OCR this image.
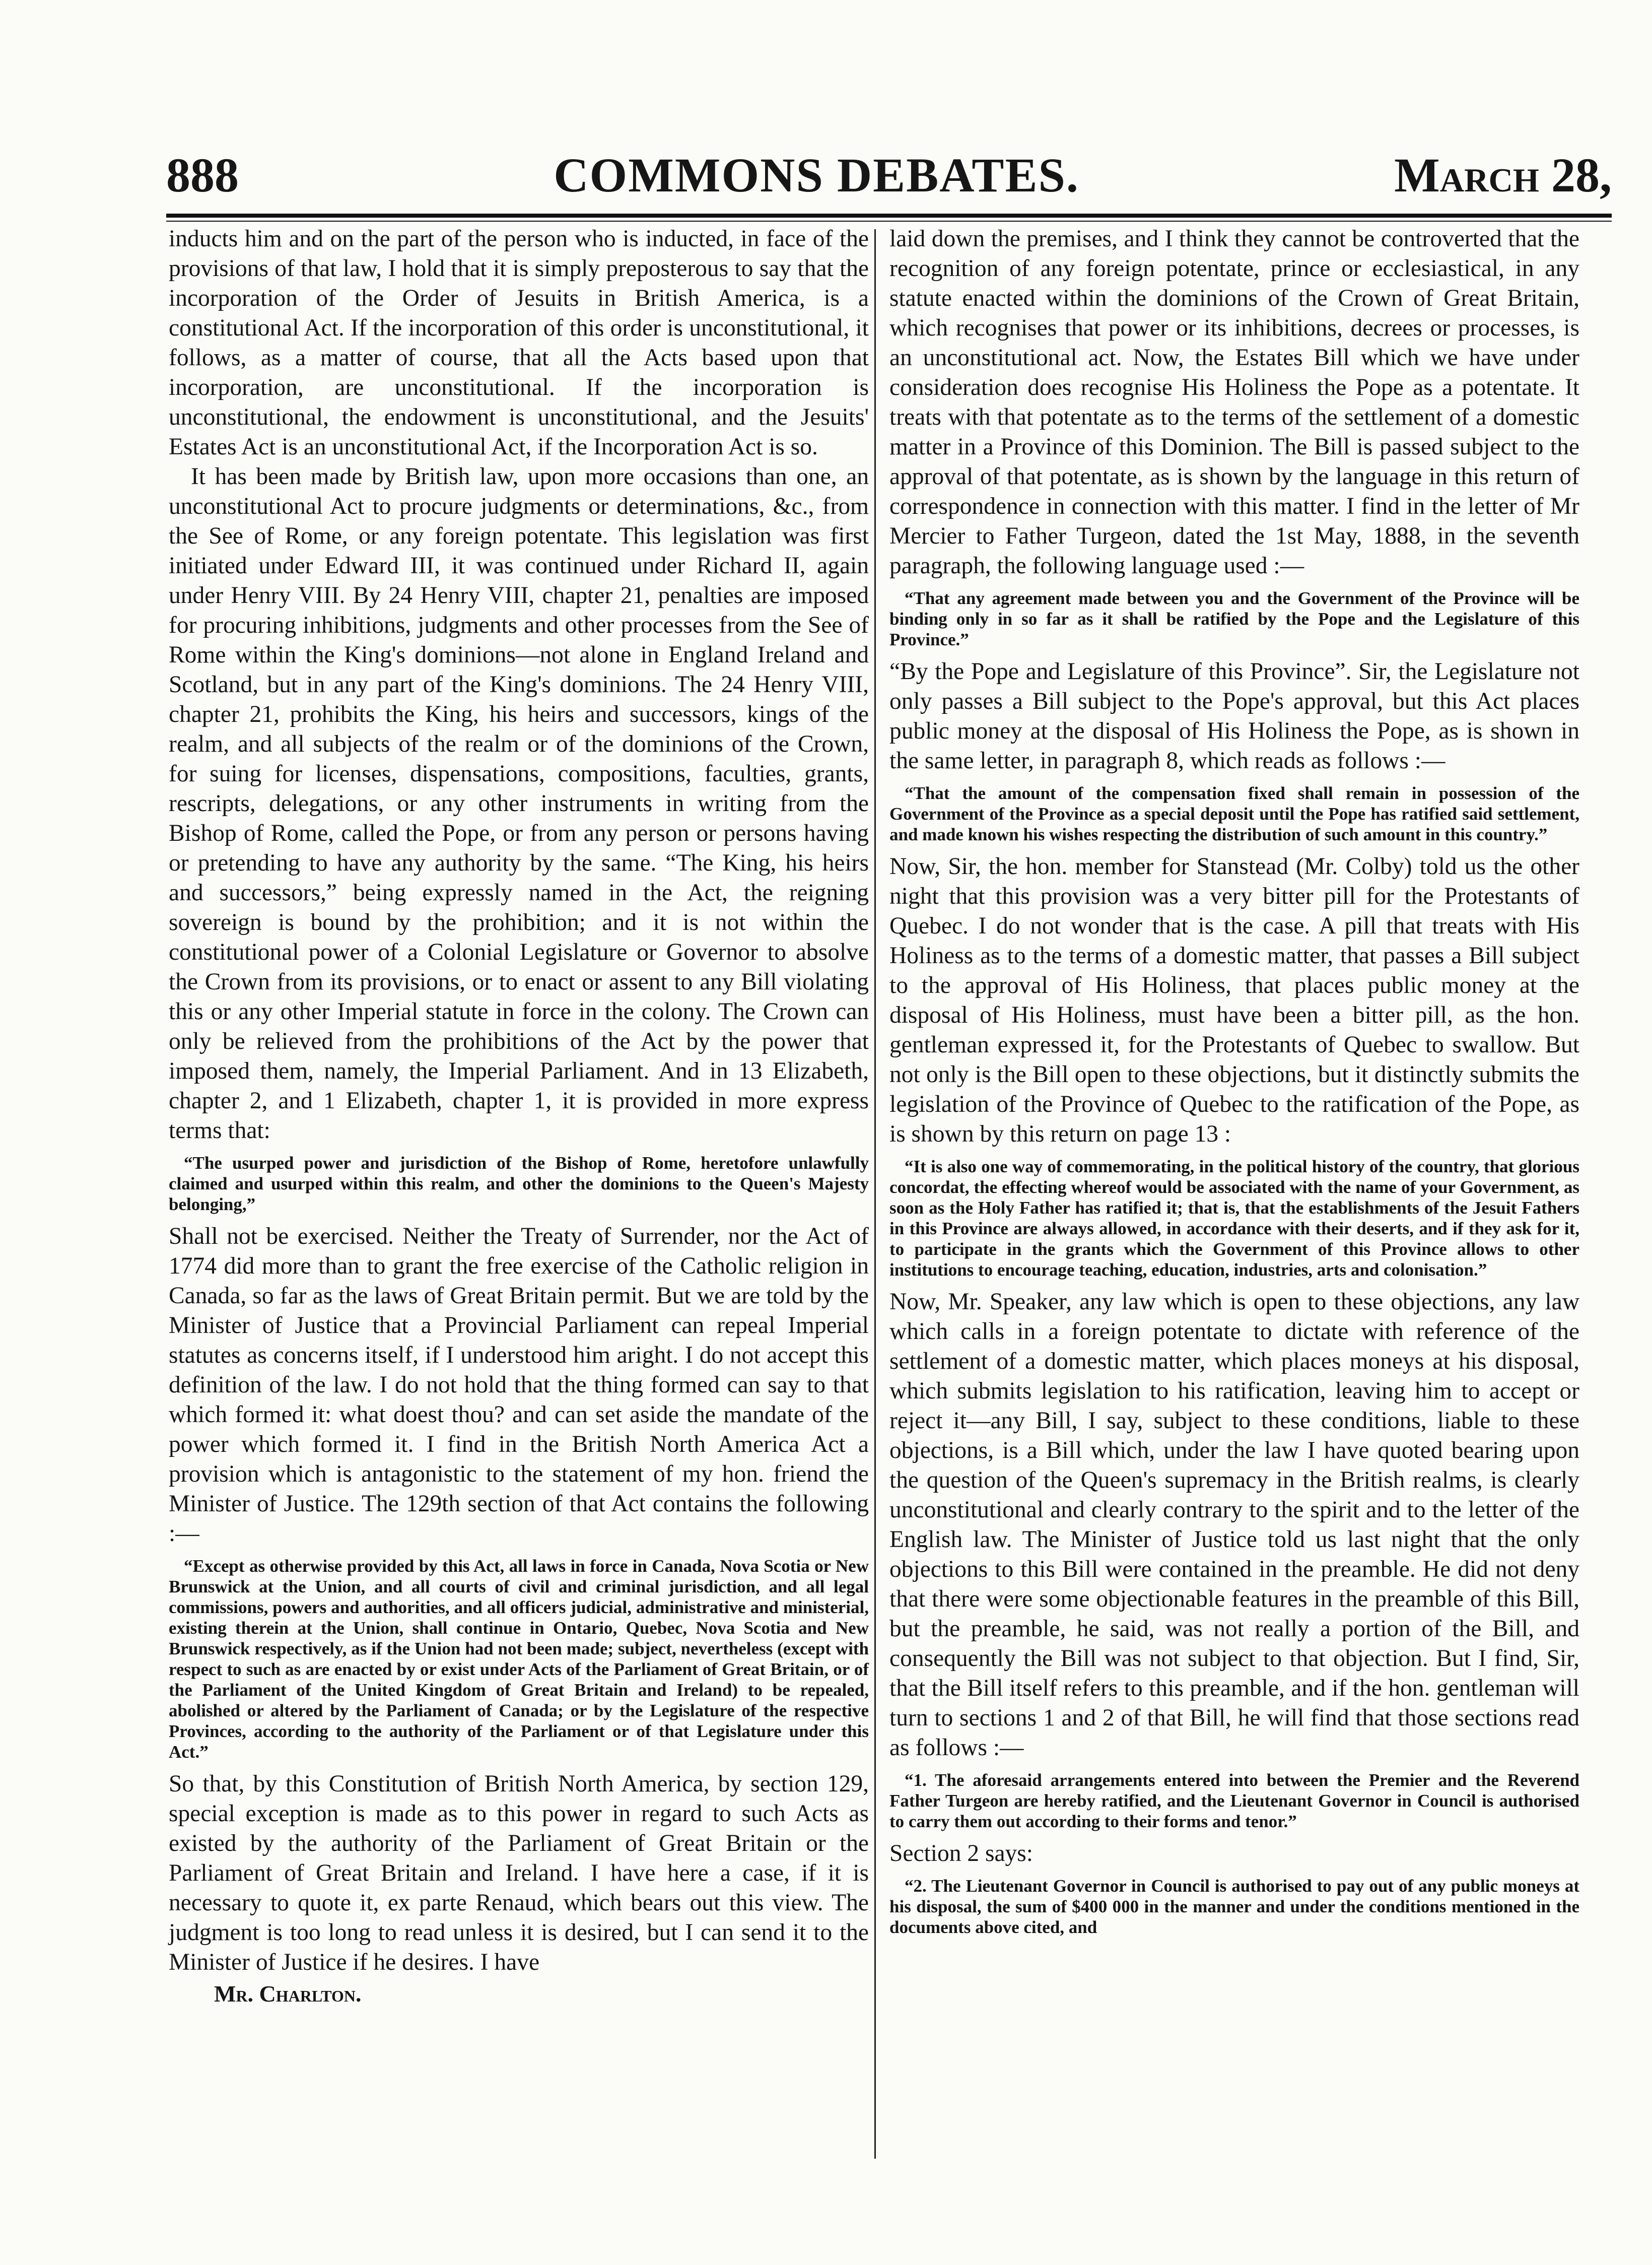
888	COMMONS DEBATES.	March 28,

inducts him and on the part of the person who is inducted, in face of the provisions of that law, I hold that it is simply preposterous to say that the incorporation of the Order of Jesuits in British America, is a constitutional Act. If the incorporation of this order is unconstitutional, it follows, as a matter of course, that all the Acts based upon that incorporation, are unconstitutional. If the incorporation is unconstitutional, the endowment is unconstitutional, and the Jesuits' Estates Act is an unconstitutional Act, if the Incorporation Act is so.

It has been made by British law, upon more occasions than one, an unconstitutional Act to procure judgments or determinations, &c., from the See of Rome, or any foreign potentate. This legislation was first initiated under Edward III, it was continued under Richard II, again under Henry VIII. By 24 Henry VIII, chapter 21, penalties are imposed for procuring inhibitions, judgments and other processes from the See of Rome within the King's dominions—not alone in England Ireland and Scotland, but in any part of the King's dominions. The 24 Henry VIII, chapter 21, prohibits the King, his heirs and successors, kings of the realm, and all subjects of the realm or of the dominions of the Crown, for suing for licenses, dispensations, compositions, faculties, grants, rescripts, delegations, or any other instruments in writing from the Bishop of Rome, called the Pope, or from any person or persons having or pretending to have any authority by the same. “The King, his heirs and successors,” being expressly named in the Act, the reigning sovereign is bound by the prohibition; and it is not within the constitutional power of a Colonial Legislature or Governor to absolve the Crown from its provisions, or to enact or assent to any Bill violating this or any other Imperial statute in force in the colony. The Crown can only be relieved from the prohibitions of the Act by the power that imposed them, namely, the Imperial Parliament. And in 13 Elizabeth, chapter 2, and 1 Elizabeth, chapter 1, it is provided in more express terms that:

“The usurped power and jurisdiction of the Bishop of Rome, heretofore unlawfully claimed and usurped within this realm, and other the dominions to the Queen's Majesty belonging,”

Shall not be exercised. Neither the Treaty of Surrender, nor the Act of 1774 did more than to grant the free exercise of the Catholic religion in Canada, so far as the laws of Great Britain permit. But we are told by the Minister of Justice that a Provincial Parliament can repeal Imperial statutes as concerns itself, if I understood him aright. I do not accept this definition of the law. I do not hold that the thing formed can say to that which formed it: what doest thou? and can set aside the mandate of the power which formed it. I find in the British North America Act a provision which is antagonistic to the statement of my hon. friend the Minister of Justice. The 129th section of that Act contains the following :—

“Except as otherwise provided by this Act, all laws in force in Canada, Nova Scotia or New Brunswick at the Union, and all courts of civil and criminal jurisdiction, and all legal commissions, powers and authorities, and all officers judicial, administrative and ministerial, existing therein at the Union, shall continue in Ontario, Quebec, Nova Scotia and New Brunswick respectively, as if the Union had not been made; subject, nevertheless (except with respect to such as are enacted by or exist under Acts of the Parliament of Great Britain, or of the Parliament of the United Kingdom of Great Britain and Ireland) to be repealed, abolished or altered by the Parliament of Canada; or by the Legislature of the respective Provinces, according to the authority of the Parliament or of that Legislature under this Act.”

So that, by this Constitution of British North America, by section 129, special exception is made as to this power in regard to such Acts as existed by the authority of the Parliament of Great Britain or the Parliament of Great Britain and Ireland. I have here a case, if it is necessary to quote it, ex parte Renaud, which bears out this view. The judgment is too long to read unless it is desired, but I can send it to the Minister of Justice if he desires. I have

Mr. Charlton.

laid down the premises, and I think they cannot be controverted that the recognition of any foreign potentate, prince or ecclesiastical, in any statute enacted within the dominions of the Crown of Great Britain, which recognises that power or its inhibitions, decrees or processes, is an unconstitutional act. Now, the Estates Bill which we have under consideration does recognise His Holiness the Pope as a potentate. It treats with that potentate as to the terms of the settlement of a domestic matter in a Province of this Dominion. The Bill is passed subject to the approval of that potentate, as is shown by the language in this return of correspondence in connection with this matter. I find in the letter of Mr Mercier to Father Turgeon, dated the 1st May, 1888, in the seventh paragraph, the following language used :—

“That any agreement made between you and the Government of the Province will be binding only in so far as it shall be ratified by the Pope and the Legislature of this Province.”

“By the Pope and Legislature of this Province”. Sir, the Legislature not only passes a Bill subject to the Pope's approval, but this Act places public money at the disposal of His Holiness the Pope, as is shown in the same letter, in paragraph 8, which reads as follows :—

“That the amount of the compensation fixed shall remain in possession of the Government of the Province as a special deposit until the Pope has ratified said settlement, and made known his wishes respecting the distribution of such amount in this country.”

Now, Sir, the hon. member for Stanstead (Mr. Colby) told us the other night that this provision was a very bitter pill for the Protestants of Quebec. I do not wonder that is the case. A pill that treats with His Holiness as to the terms of a domestic matter, that passes a Bill subject to the approval of His Holiness, that places public money at the disposal of His Holiness, must have been a bitter pill, as the hon. gentleman expressed it, for the Protestants of Quebec to swallow. But not only is the Bill open to these objections, but it distinctly submits the legislation of the Province of Quebec to the ratification of the Pope, as is shown by this return on page 13 :

“It is also one way of commemorating, in the political history of the country, that glorious concordat, the effecting whereof would be associated with the name of your Government, as soon as the Holy Father has ratified it; that is, that the establishments of the Jesuit Fathers in this Province are always allowed, in accordance with their deserts, and if they ask for it, to participate in the grants which the Government of this Province allows to other institutions to encourage teaching, education, industries, arts and colonisation.”

Now, Mr. Speaker, any law which is open to these objections, any law which calls in a foreign potentate to dictate with reference of the settlement of a domestic matter, which places moneys at his disposal, which submits legislation to his ratification, leaving him to accept or reject it—any Bill, I say, subject to these conditions, liable to these objections, is a Bill which, under the law I have quoted bearing upon the question of the Queen's supremacy in the British realms, is clearly unconstitutional and clearly contrary to the spirit and to the letter of the English law. The Minister of Justice told us last night that the only objections to this Bill were contained in the preamble. He did not deny that there were some objectionable features in the preamble of this Bill, but the preamble, he said, was not really a portion of the Bill, and consequently the Bill was not subject to that objection. But I find, Sir, that the Bill itself refers to this preamble, and if the hon. gentleman will turn to sections 1 and 2 of that Bill, he will find that those sections read as follows :—

“1. The aforesaid arrangements entered into between the Premier and the Reverend Father Turgeon are hereby ratified, and the Lieutenant Governor in Council is authorised to carry them out according to their forms and tenor.”

Section 2 says:

“2. The Lieutenant Governor in Council is authorised to pay out of any public moneys at his disposal, the sum of $400 000 in the manner and under the conditions mentioned in the documents above cited, and
